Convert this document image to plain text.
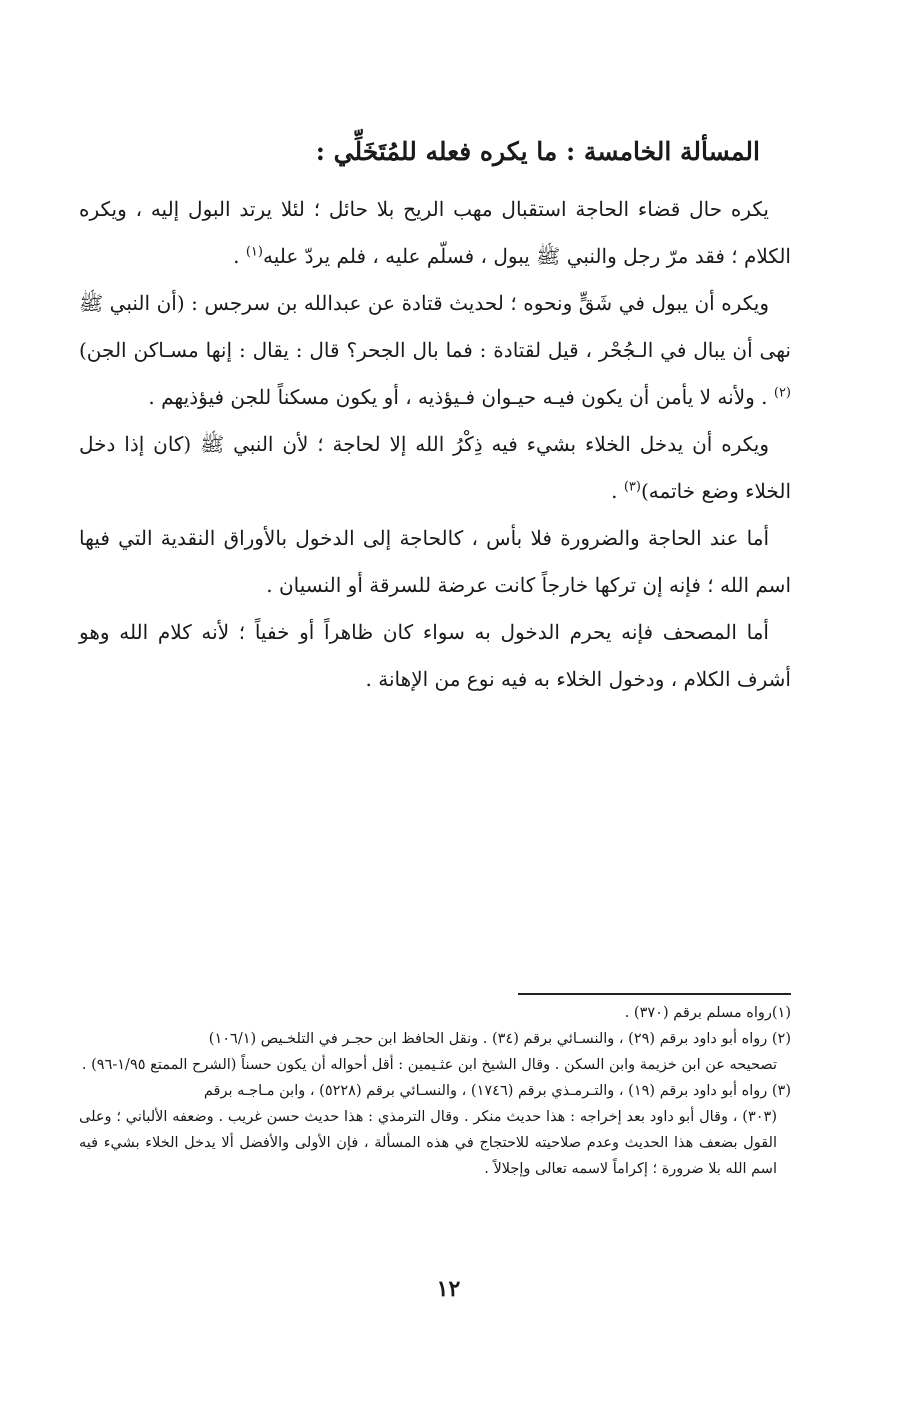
المسألة الخامسة : ما يكره فعله للمُتَخَلِّي :

يكره حال قضاء الحاجة استقبال مهب الريح بلا حائل ؛ لئلا يرتد البول إليه ، ويكره الكلام ؛ فقد مرّ رجل والنبي ﷺ يبول ، فسلّم عليه ، فلم يردّ عليه$^{(١)}$ .

ويكره أن يبول في شَقٍّ ونحوه ؛ لحديث قتادة عن عبدالله بن سرجس : (أن النبي ﷺ نهى أن يبال في الـجُحْر ، قيل لقتادة : فما بال الجحر؟ قال : يقال : إنها مسـاكن الجن)$^{(٢)}$ . ولأنه لا يأمن أن يكون فيـه حيـوان فـيؤذيه ، أو يكون مسكناً للجن فيؤذيهم .

ويكره أن يدخل الخلاء بشيء فيه ذِكْرُ الله إلا لحاجة ؛ لأن النبي ﷺ (كان إذا دخل الخلاء وضع خاتمه)$^{(٣)}$ .

أما عند الحاجة والضرورة فلا بأس ، كالحاجة إلى الدخول بالأوراق النقدية التي فيها اسم الله ؛ فإنه إن تركها خارجاً كانت عرضة للسرقة أو النسيان .

أما المصحف فإنه يحرم الدخول به سواء كان ظاهراً أو خفياً ؛ لأنه كلام الله وهو أشرف الكلام ، ودخول الخلاء به فيه نوع من الإهانة .

(١)رواه مسلم برقم (٣٧٠) .
(٢) رواه أبو داود برقم (٢٩) ، والنسـائي برقم (٣٤) . ونقل الحافظ ابن حجـر في التلخـيص (١٠٦/١)
تصحيحه عن ابن خزيمة وابن السكن . وقال الشيخ ابن عثـيمين : أقل أحواله أن يكون حسناً (الشرح الممتع ١/٩٥-٩٦) .
(٣) رواه أبو داود برقم (١٩) ، والتـرمـذي برقم (١٧٤٦) ، والنسـائي برقم (٥٢٢٨) ، وابن مـاجـه برقم
(٣٠٣) ، وقال أبو داود بعد إخراجه : هذا حديث منكر . وقال الترمذي : هذا حديث حسن غريب . وضعفه الألباني ؛ وعلى القول بضعف هذا الحديث وعدم صلاحيته للاحتجاج في هذه المسألة ، فإن الأولى والأفضل ألا يدخل الخلاء بشيء فيه اسم الله بلا ضرورة ؛ إكراماً لاسمه تعالى وإجلالاً .
١٢
